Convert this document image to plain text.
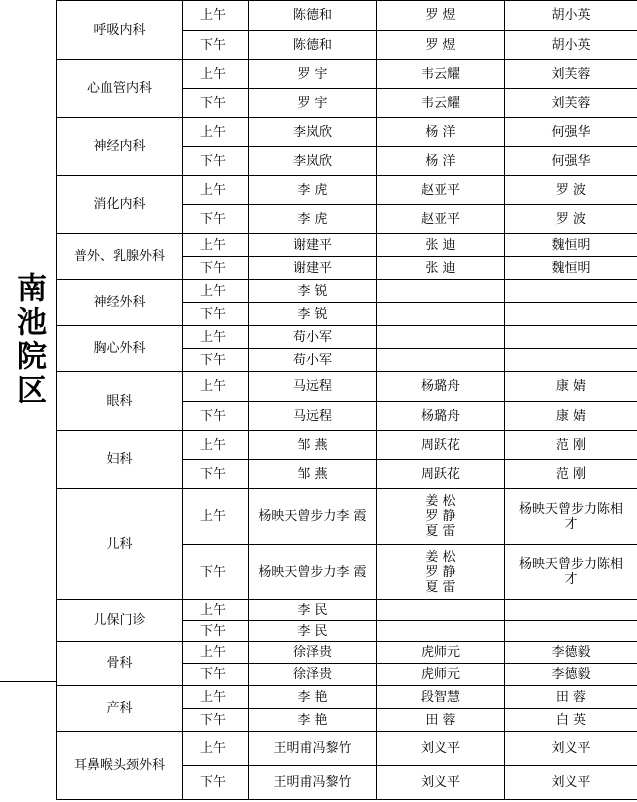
南池院区
呼吸内科	上午	陈德和	罗 煜	胡小英
	下午	陈德和	罗 煜	胡小英
心血管内科	上午	罗 宇	韦云耀	刘芙蓉
	下午	罗 宇	韦云耀	刘芙蓉
神经内科	上午	李岚欣	杨 洋	何强华
	下午	李岚欣	杨 洋	何强华
消化内科	上午	李 虎	赵亚平	罗 波
	下午	李 虎	赵亚平	罗 波
普外、乳腺外科	上午	谢建平	张 迪	魏恒明
	下午	谢建平	张 迪	魏恒明
神经外科	上午	李 锐		
	下午	李 锐		
胸心外科	上午	苟小军		
	下午	苟小军		
眼科	上午	马远程	杨璐舟	康 婧
	下午	马远程	杨璐舟	康 婧
妇科	上午	邹 燕	周跃花	范 刚
	下午	邹 燕	周跃花	范 刚
儿科	上午	杨映天曾步力李 霞	姜 松
罗 静
夏 雷	杨映天曾步力陈相
才
	下午	杨映天曾步力李 霞	姜 松
罗 静
夏 雷	杨映天曾步力陈相
才
儿保门诊	上午	李 民		
	下午	李 民		
骨科	上午	徐泽贵	虎师元	李德毅
	下午	徐泽贵	虎师元	李德毅
产科	上午	李 艳	段智慧	田 蓉
	下午	李 艳	田 蓉	白 英
耳鼻喉头颈外科	上午	王明甫冯黎竹	刘义平	刘义平
	下午	王明甫冯黎竹	刘义平	刘义平
